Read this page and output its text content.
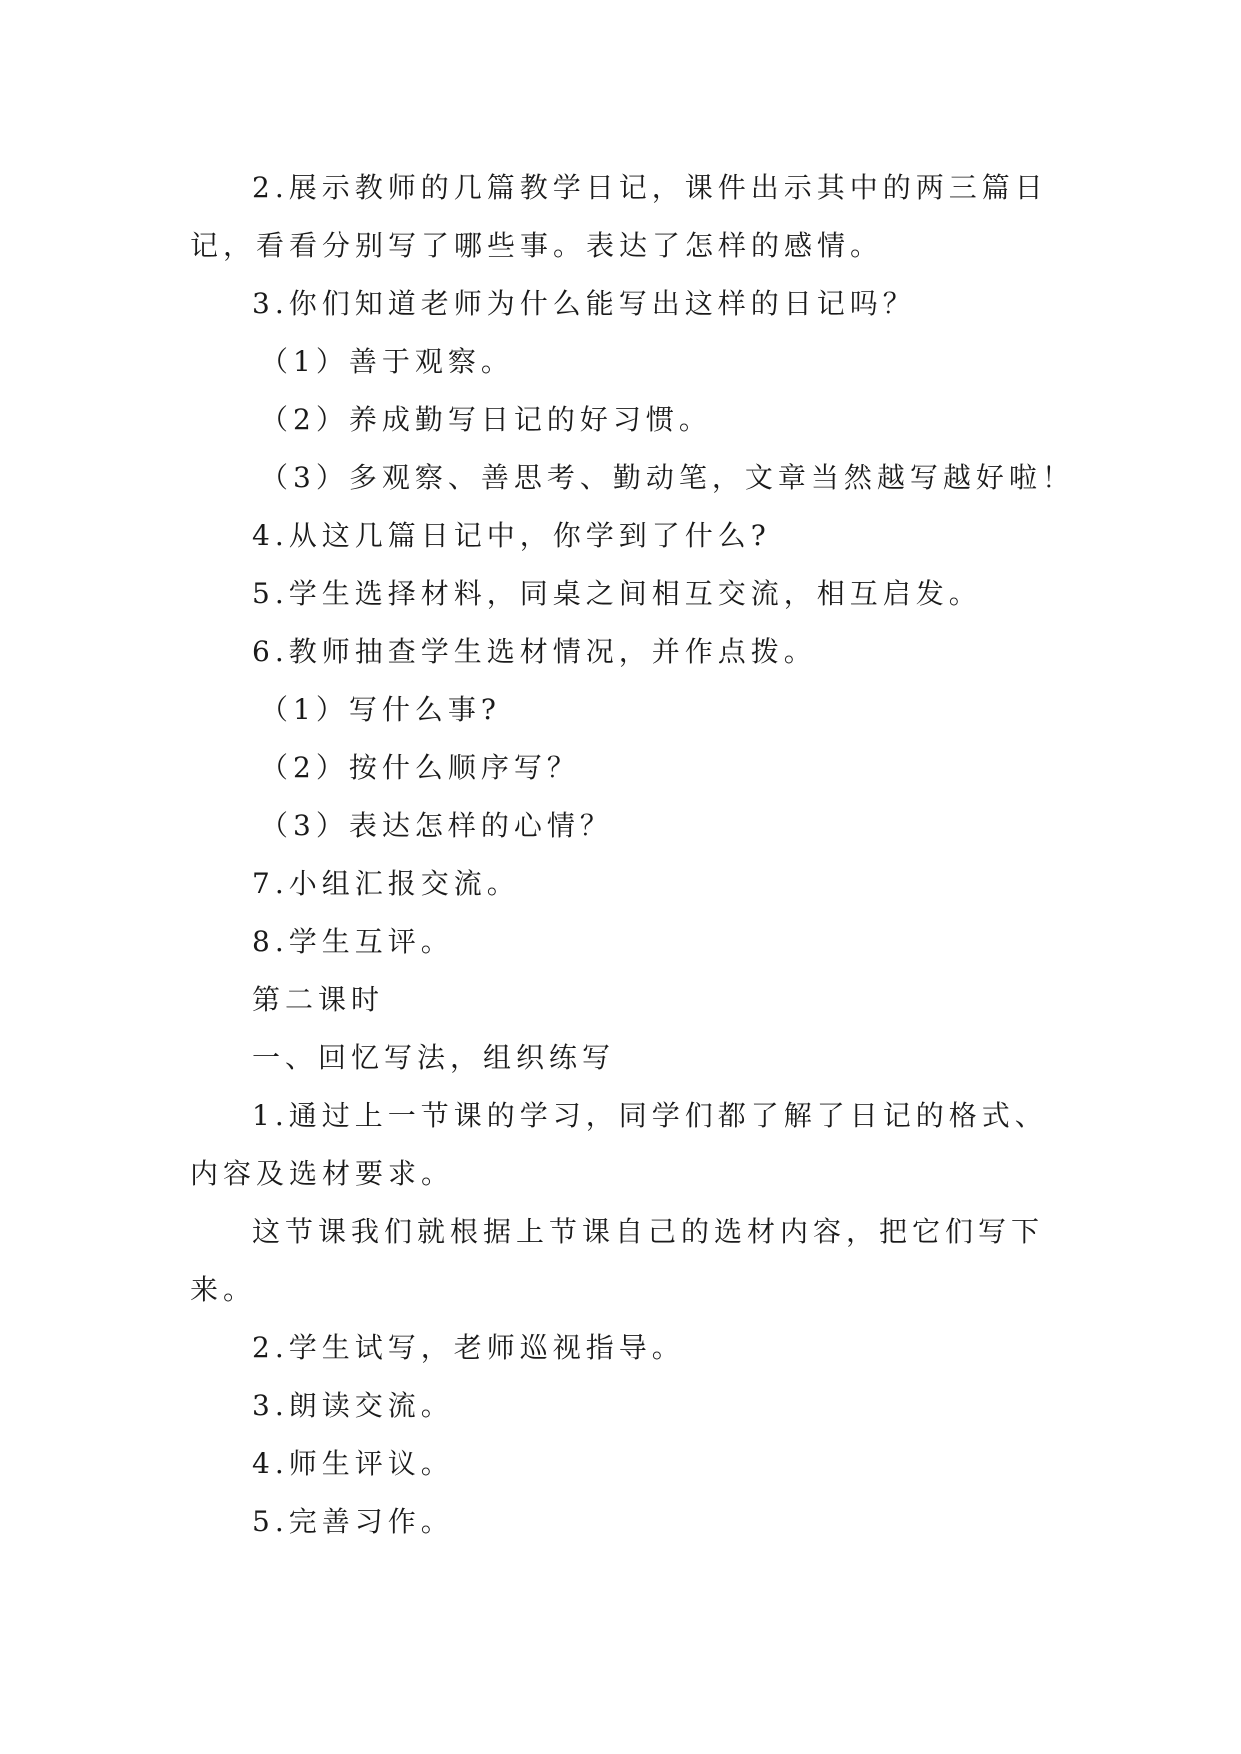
2.展示教师的几篇教学日记，课件出示其中的两三篇日

记，看看分别写了哪些事。表达了怎样的感情。

3.你们知道老师为什么能写出这样的日记吗？

（1）善于观察。

（2）养成勤写日记的好习惯。

（3）多观察、善思考、勤动笔，文章当然越写越好啦！

4.从这几篇日记中，你学到了什么?

5.学生选择材料，同桌之间相互交流，相互启发。

6.教师抽查学生选材情况，并作点拨。

（1）写什么事?

（2）按什么顺序写？

（3）表达怎样的心情？

7.小组汇报交流。

8.学生互评。

第二课时

一、回忆写法，组织练写

1.通过上一节课的学习，同学们都了解了日记的格式、

内容及选材要求。

这节课我们就根据上节课自己的选材内容，把它们写下

来。

2.学生试写，老师巡视指导。

3.朗读交流。

4.师生评议。

5.完善习作。
